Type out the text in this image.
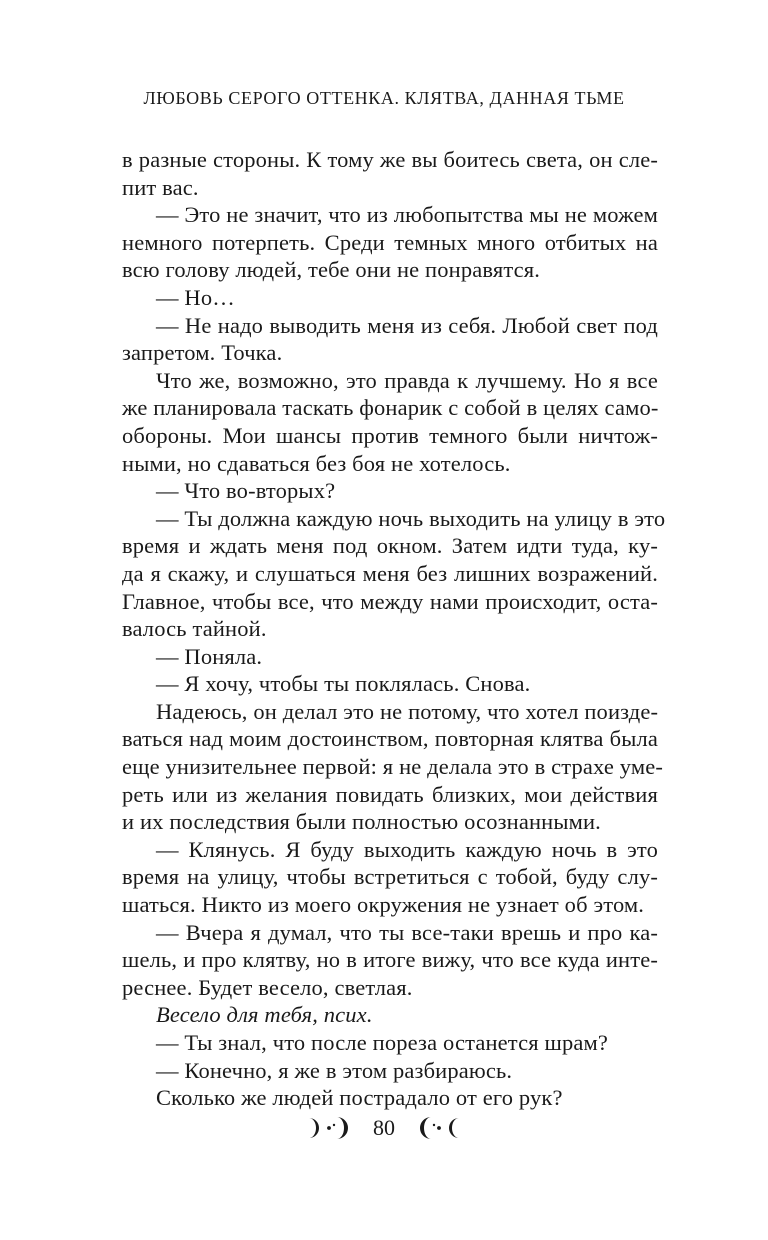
ЛЮБОВЬ СЕРОГО ОТТЕНКА. КЛЯТВА, ДАННАЯ ТЬМЕ
в разные стороны. К тому же вы боитесь света, он сле-
пит вас.
— Это не значит, что из любопытства мы не можем
немного потерпеть. Среди темных много отбитых на
всю голову людей, тебе они не понравятся.
— Но…
— Не надо выводить меня из себя. Любой свет под
запретом. Точка.
Что же, возможно, это правда к лучшему. Но я все
же планировала таскать фонарик с собой в целях само-
обороны. Мои шансы против темного были ничтож-
ными, но сдаваться без боя не хотелось.
— Что во-вторых?
— Ты должна каждую ночь выходить на улицу в это
время и ждать меня под окном. Затем идти туда, ку-
да я скажу, и слушаться меня без лишних возражений.
Главное, чтобы все, что между нами происходит, оста-
валось тайной.
— Поняла.
— Я хочу, чтобы ты поклялась. Снова.
Надеюсь, он делал это не потому, что хотел поизде-
ваться над моим достоинством, повторная клятва была
еще унизительнее первой: я не делала это в страхе уме-
реть или из желания повидать близких, мои действия
и их последствия были полностью осознанными.
— Клянусь. Я буду выходить каждую ночь в это
время на улицу, чтобы встретиться с тобой, буду слу-
шаться. Никто из моего окружения не узнает об этом.
— Вчера я думал, что ты все-таки врешь и про ка-
шель, и про клятву, но в итоге вижу, что все куда инте-
реснее. Будет весело, светлая.
Весело для тебя, псих.
— Ты знал, что после пореза останется шрам?
— Конечно, я же в этом разбираюсь.
Сколько же людей пострадало от его рук?
80
